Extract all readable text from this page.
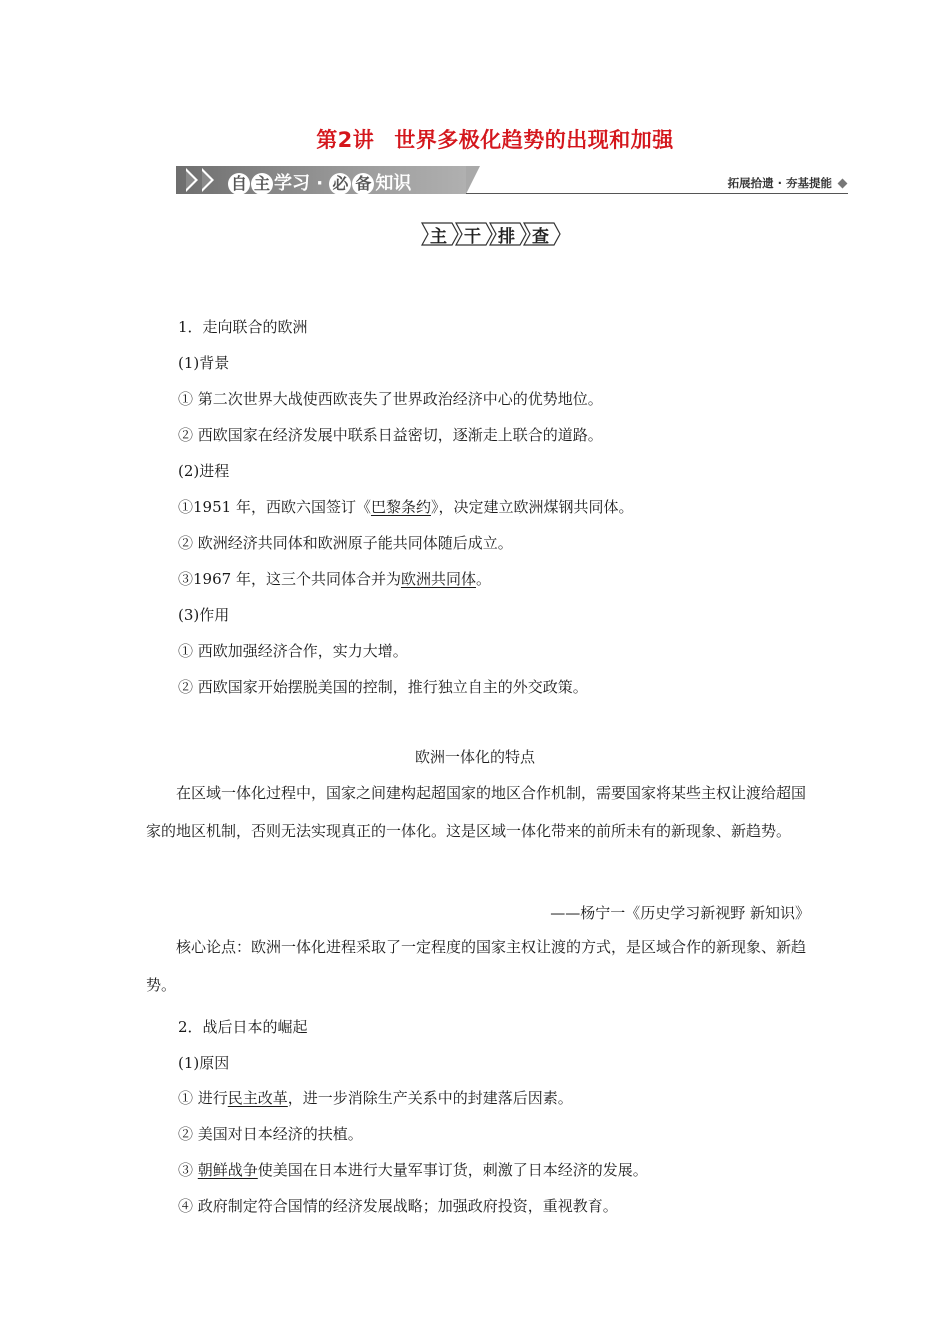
第2讲 世界多极化趋势的出现和加强
自 主 学习 · 必 备 知识	拓展拾遗 · 夯基提能
主 干 排 查
1．走向联合的欧洲
(1)背景
① 第二次世界大战使西欧丧失了世界政治经济中心的优势地位。
② 西欧国家在经济发展中联系日益密切，逐渐走上联合的道路。
(2)进程
①1951 年，西欧六国签订《巴黎条约》，决定建立欧洲煤钢共同体。
② 欧洲经济共同体和欧洲原子能共同体随后成立。
③1967 年，这三个共同体合并为欧洲共同体。
(3)作用
① 西欧加强经济合作，实力大增。
② 西欧国家开始摆脱美国的控制，推行独立自主的外交政策。
欧洲一体化的特点
在区域一体化过程中，国家之间建构起超国家的地区合作机制，需要国家将某些主权让渡给超国家的地区机制，否则无法实现真正的一体化。这是区域一体化带来的前所未有的新现象、新趋势。
——杨宁一《历史学习新视野 新知识》
核心论点：欧洲一体化进程采取了一定程度的国家主权让渡的方式，是区域合作的新现象、新趋势。
2．战后日本的崛起
(1)原因
① 进行民主改革，进一步消除生产关系中的封建落后因素。
② 美国对日本经济的扶植。
③ 朝鲜战争使美国在日本进行大量军事订货，刺激了日本经济的发展。
④ 政府制定符合国情的经济发展战略；加强政府投资，重视教育。
